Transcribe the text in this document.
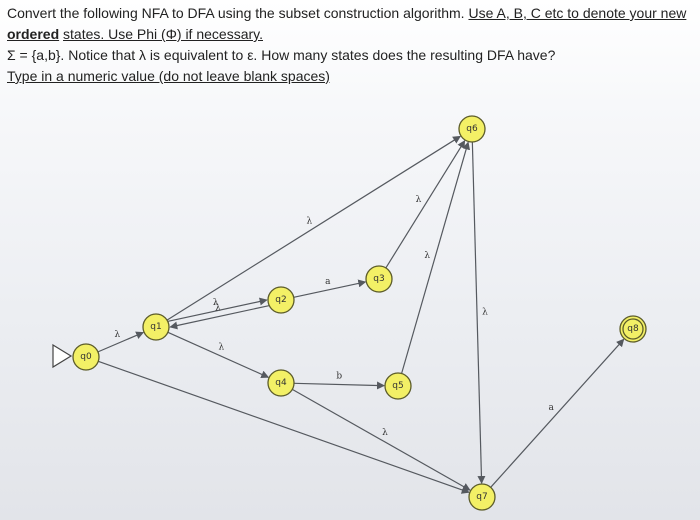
Convert the following NFA to DFA using the subset construction algorithm. Use A, B, C etc to denote your new ordered states. Use Phi (Φ) if necessary. Σ = {a,b}. Notice that λ is equivalent to ε. How many states does the resulting DFA have? Type in a numeric value (do not leave blank spaces)
λ
λ
λ
λ
λ
a
λ
b
λ
λ
λ
a
q0
q1
q2
q3
q4	q5
q6
q7
q8
